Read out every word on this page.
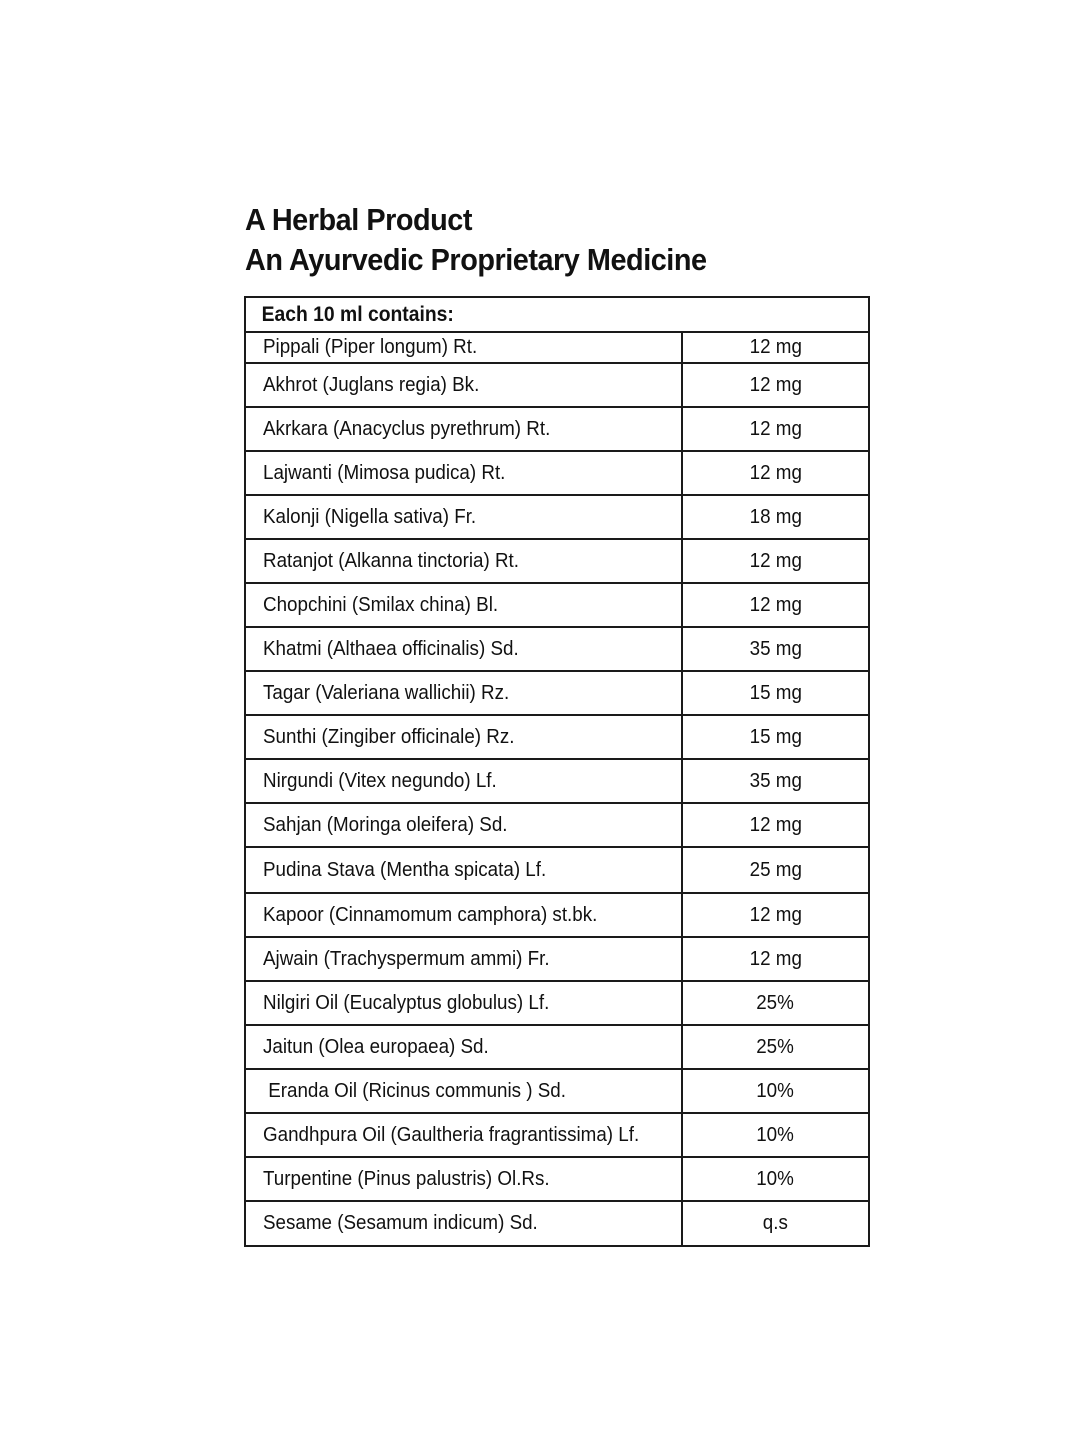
A Herbal Product
An Ayurvedic Proprietary Medicine
Each 10 ml contains:
Pippali (Piper longum) Rt.	12 mg
Akhrot (Juglans regia) Bk.	12 mg
Akrkara (Anacyclus pyrethrum) Rt.	12 mg
Lajwanti (Mimosa pudica) Rt.	12 mg
Kalonji (Nigella sativa) Fr.	18 mg
Ratanjot (Alkanna tinctoria) Rt.	12 mg
Chopchini (Smilax china) Bl.	12 mg
Khatmi (Althaea officinalis) Sd.	35 mg
Tagar (Valeriana wallichii) Rz.	15 mg
Sunthi (Zingiber officinale) Rz.	15 mg
Nirgundi (Vitex negundo) Lf.	35 mg
Sahjan (Moringa oleifera) Sd.	12 mg
Pudina Stava (Mentha spicata) Lf.	25 mg
Kapoor (Cinnamomum camphora) st.bk.	12 mg
Ajwain (Trachyspermum ammi) Fr.	12 mg
Nilgiri Oil (Eucalyptus globulus) Lf.	25%
Jaitun (Olea europaea) Sd.	25%
Eranda Oil (Ricinus communis ) Sd.	10%
Gandhpura Oil (Gaultheria fragrantissima) Lf.	10%
Turpentine (Pinus palustris) Ol.Rs.	10%
Sesame (Sesamum indicum) Sd.	q.s
